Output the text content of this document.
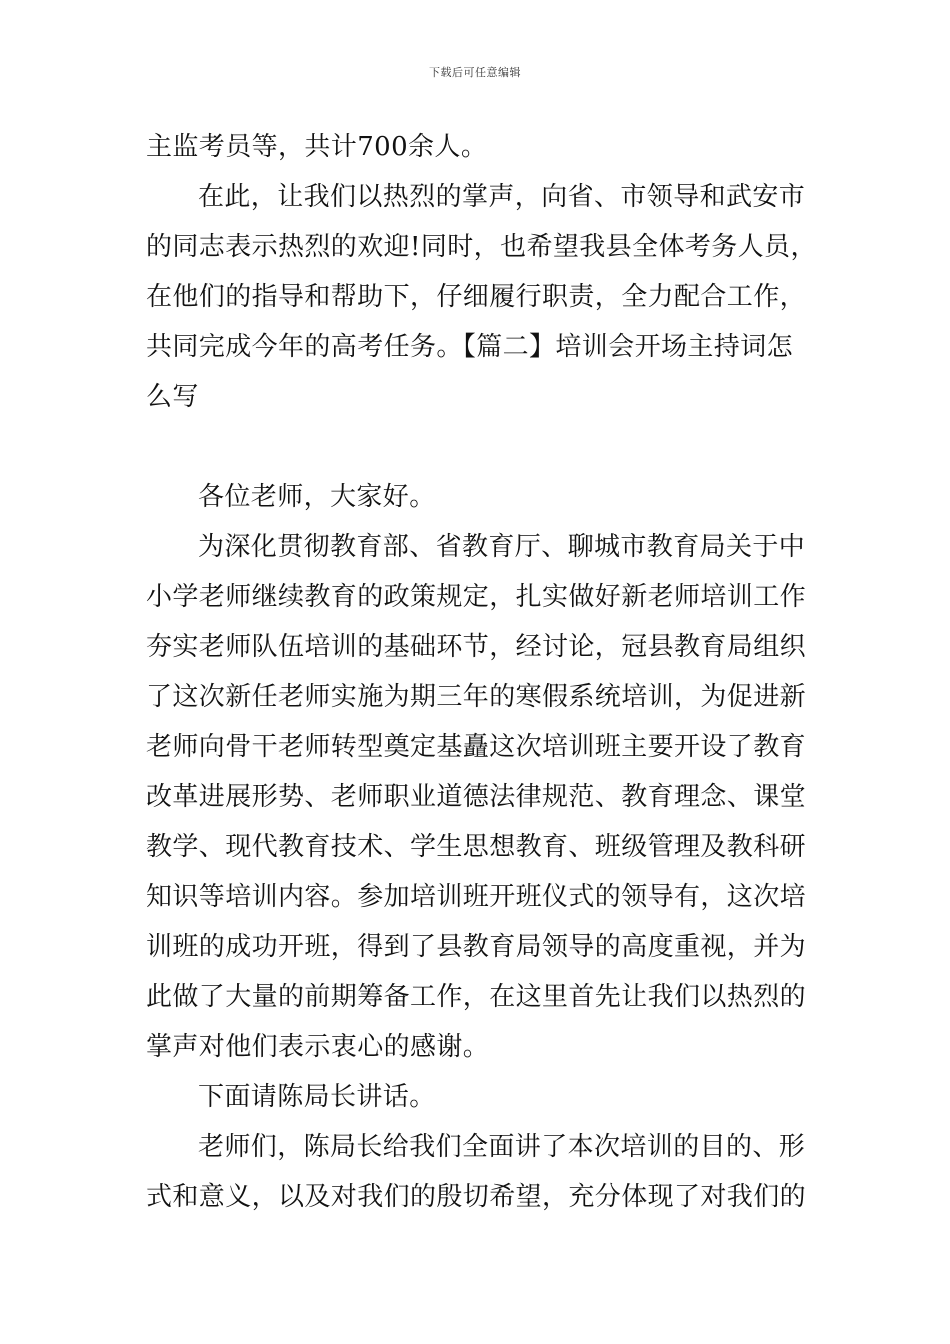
下载后可任意编辑
主监考员等，共计700余人。
在此，让我们以热烈的掌声，向省、市领导和武安市
的同志表示热烈的欢迎!同时，也希望我县全体考务人员，
在他们的指导和帮助下，仔细履行职责，全力配合工作，
共同完成今年的高考任务。【篇二】培训会开场主持词怎
么写
各位老师，大家好。
为深化贯彻教育部、省教育厅、聊城市教育局关于中
小学老师继续教育的政策规定，扎实做好新老师培训工作
夯实老师队伍培训的基础环节，经讨论，冠县教育局组织
了这次新任老师实施为期三年的寒假系统培训，为促进新
老师向骨干老师转型奠定基矗这次培训班主要开设了教育
改革进展形势、老师职业道德法律规范、教育理念、课堂
教学、现代教育技术、学生思想教育、班级管理及教科研
知识等培训内容。参加培训班开班仪式的领导有，这次培
训班的成功开班，得到了县教育局领导的高度重视，并为
此做了大量的前期筹备工作，在这里首先让我们以热烈的
掌声对他们表示衷心的感谢。
下面请陈局长讲话。
老师们，陈局长给我们全面讲了本次培训的目的、形
式和意义，以及对我们的殷切希望，充分体现了对我们的
